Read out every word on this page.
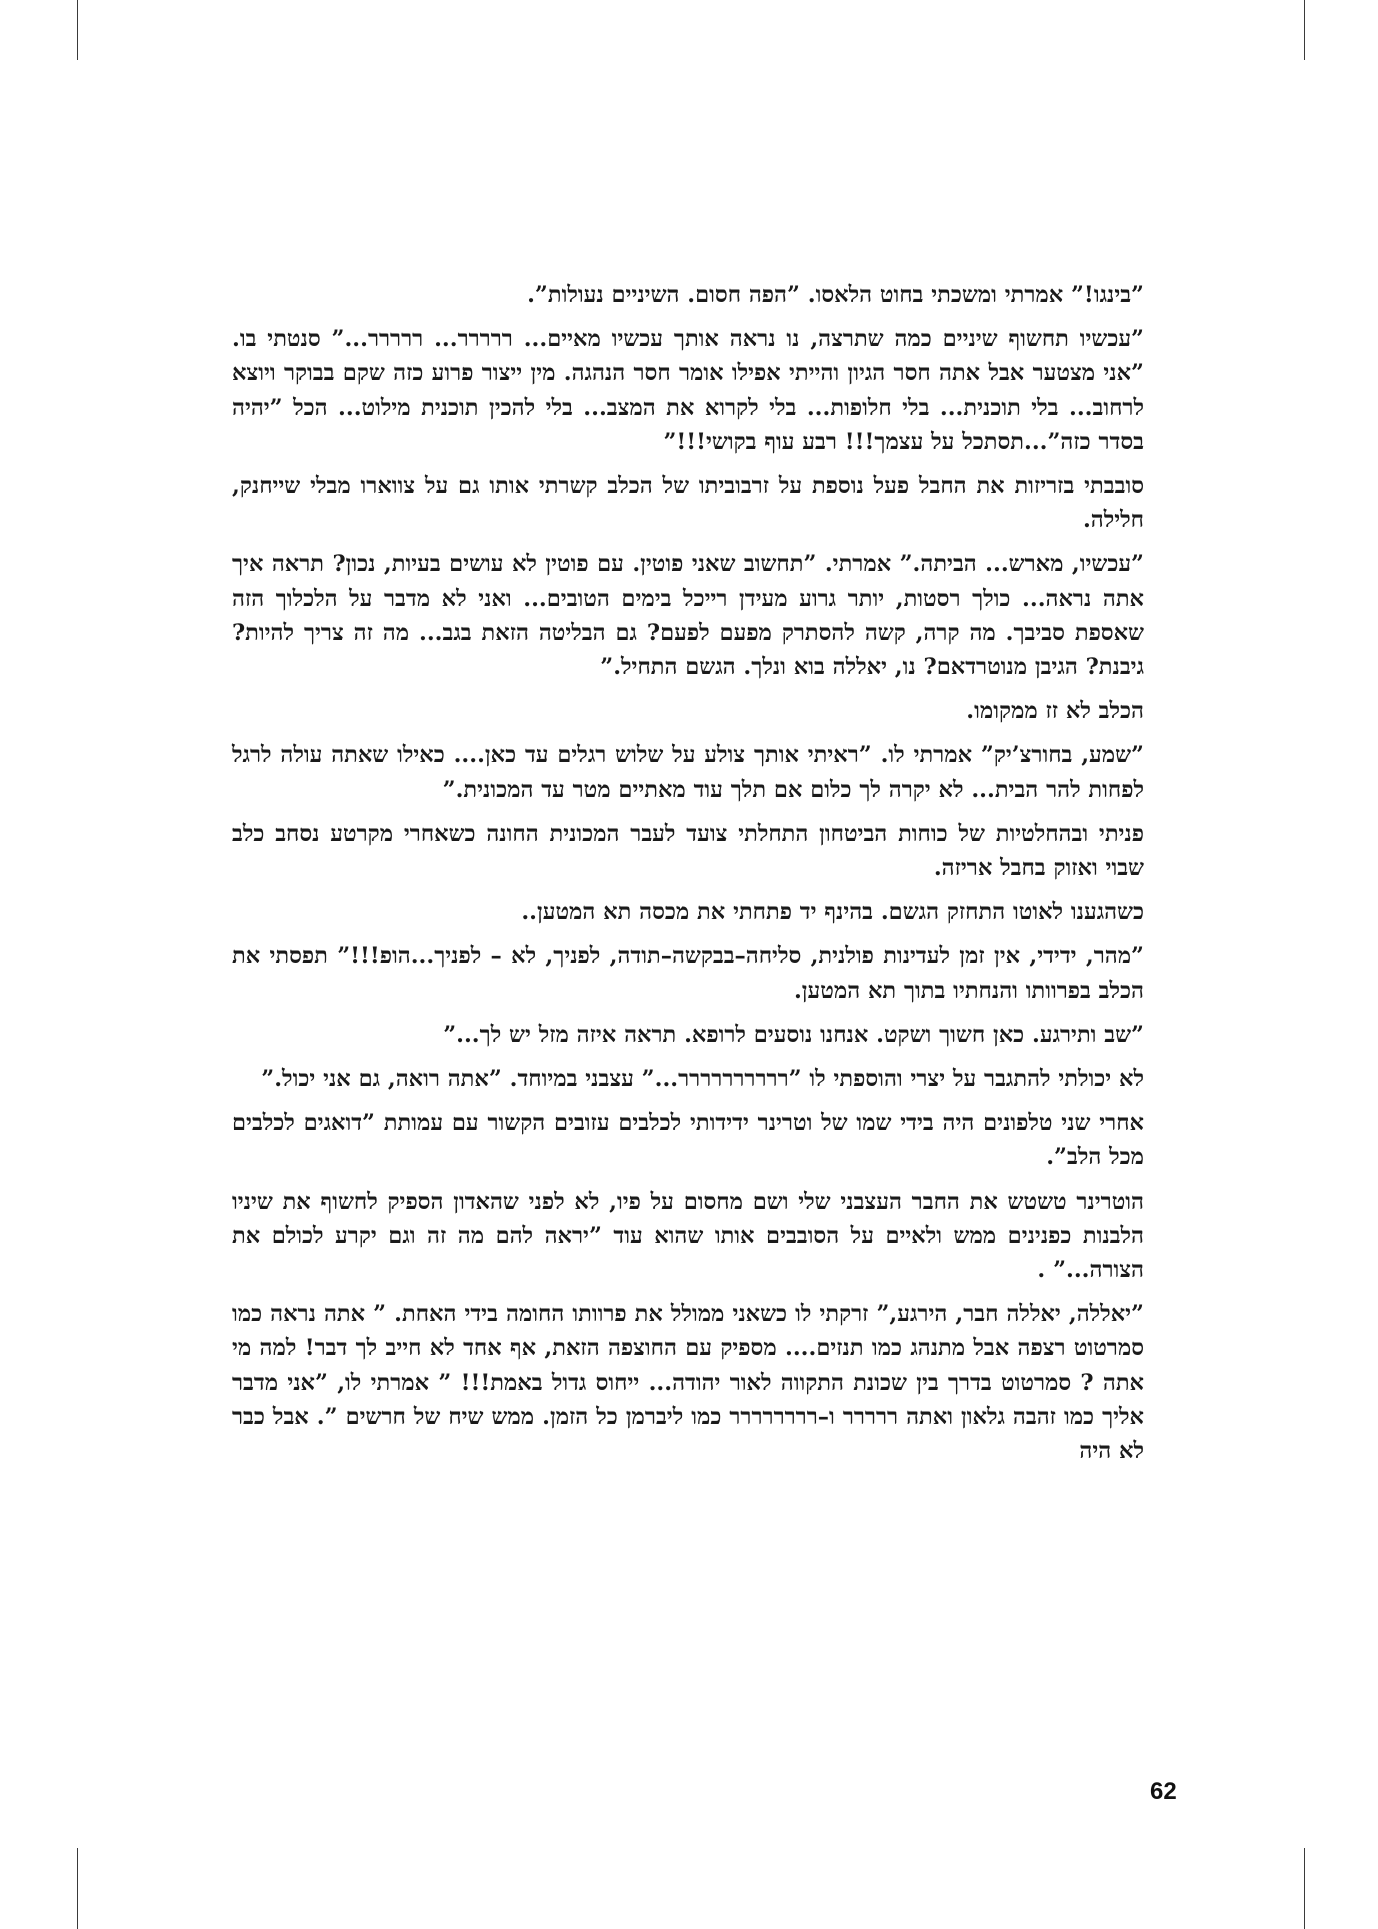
”בינגו!” אמרתי ומשכתי בחוט הלאסו. ”הפה חסום. השיניים נעולות”.

”עכשיו תחשוף שיניים כמה שתרצה, נו נראה אותך עכשיו מאיים... ררררר... ררררר...” סנטתי בו. ”אני מצטער אבל אתה חסר הגיון והייתי אפילו אומר חסר הנהגה. מין ייצור פרוע כזה שקם בבוקר ויוצא לרחוב... בלי תוכנית... בלי חלופות... בלי לקרוא את המצב... בלי להכין תוכנית מילוט... הכל ”יהיה בסדר כזה”...תסתכל על עצמך!!! רבע עוף בקושי!!!”

סובבתי בזריזות את החבל פעל נוספת על זרבוביתו של הכלב קשרתי אותו גם על צווארו מבלי שייחנק, חלילה.

”עכשיו, מארש... הביתה.” אמרתי. ”תחשוב שאני פוטין. עם פוטין לא עושים בעיות, נכון? תראה איך אתה נראה... כולך רסטות, יותר גרוע מעידן רייכל בימים הטובים... ואני לא מדבר על הלכלוך הזה שאספת סביבך. מה קרה, קשה להסתרק מפעם לפעם? גם הבליטה הזאת בגב... מה זה צריך להיות? גיבנת? הגיבן מנוטרדאם? נו, יאללה בוא ונלך. הגשם התחיל.”

הכלב לא זז ממקומו.

”שמע, בחורצ’יק” אמרתי לו. ”ראיתי אותך צולע על שלוש רגלים עד כאן.... כאילו שאתה עולה לרגל לפחות להר הבית... לא יקרה לך כלום אם תלך עוד מאתיים מטר עד המכונית.”

פניתי ובהחלטיות של כוחות הביטחון התחלתי צועד לעבר המכונית החונה כשאחרי מקרטע נסחב כלב שבוי ואזוק בחבל אריזה.

כשהגענו לאוטו התחזק הגשם. בהינף יד פתחתי את מכסה תא המטען..

”מהר, ידידי, אין זמן לעדינות פולנית, סליחה–בבקשה–תודה, לפניך, לא – לפניך...הופ!!!” תפסתי את הכלב בפרוותו והנחתיו בתוך תא המטען.

”שב ותירגע. כאן חשוך ושקט. אנחנו נוסעים לרופא. תראה איזה מזל יש לך...”

לא יכולתי להתגבר על יצרי והוספתי לו ”רררררררררר...” עצבני במיוחד. ”אתה רואה, גם אני יכול.”

אחרי שני טלפונים היה בידי שמו של וטרינר ידידותי לכלבים עזובים הקשור עם עמותת ”דואגים לכלבים מכל הלב”.

הוטרינר טשטש את החבר העצבני שלי ושם מחסום על פיו, לא לפני שהאדון הספיק לחשוף את שיניו הלבנות כפנינים ממש ולאיים על הסובבים אותו שהוא עוד ”יראה להם מה זה וגם יקרע לכולם את הצורה...” .

”יאללה, יאללה חבר, הירגע,” זרקתי לו כשאני ממולל את פרוותו החומה בידי האחת. ” אתה נראה כמו סמרטוט רצפה אבל מתנהג כמו תנזים.... מספיק עם החוצפה הזאת, אף אחד לא חייב לך דבר! למה מי אתה ? סמרטוט בדרך בין שכונת התקווה לאור יהודה... ייחוס גדול באמת!!! ” אמרתי לו, ”אני מדבר אליך כמו זהבה גלאון ואתה ררררר ו–רררררררר כמו ליברמן כל הזמן. ממש שיח של חרשים ”. אבל כבר לא היה

62
